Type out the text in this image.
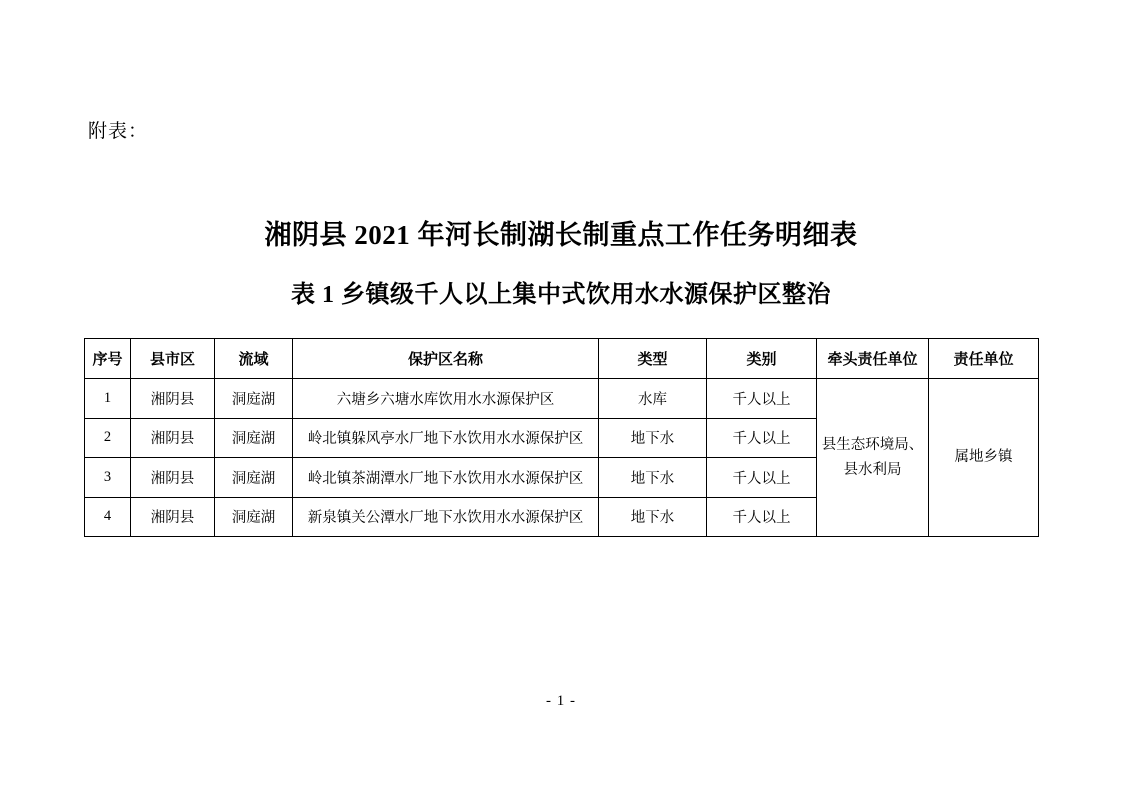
附表：
湘阴县 2021 年河长制湖长制重点工作任务明细表
表 1 乡镇级千人以上集中式饮用水水源保护区整治
序号	县市区	流域	保护区名称	类型	类别	牵头责任单位	责任单位
1	湘阴县	洞庭湖	六塘乡六塘水库饮用水水源保护区	水库	千人以上	县生态环境局、
县水利局	属地乡镇
2	湘阴县	洞庭湖	岭北镇躲风亭水厂地下水饮用水水源保护区	地下水	千人以上		
3	湘阴县	洞庭湖	岭北镇茶湖潭水厂地下水饮用水水源保护区	地下水	千人以上		
4	湘阴县	洞庭湖	新泉镇关公潭水厂地下水饮用水水源保护区	地下水	千人以上		
- 1 -
